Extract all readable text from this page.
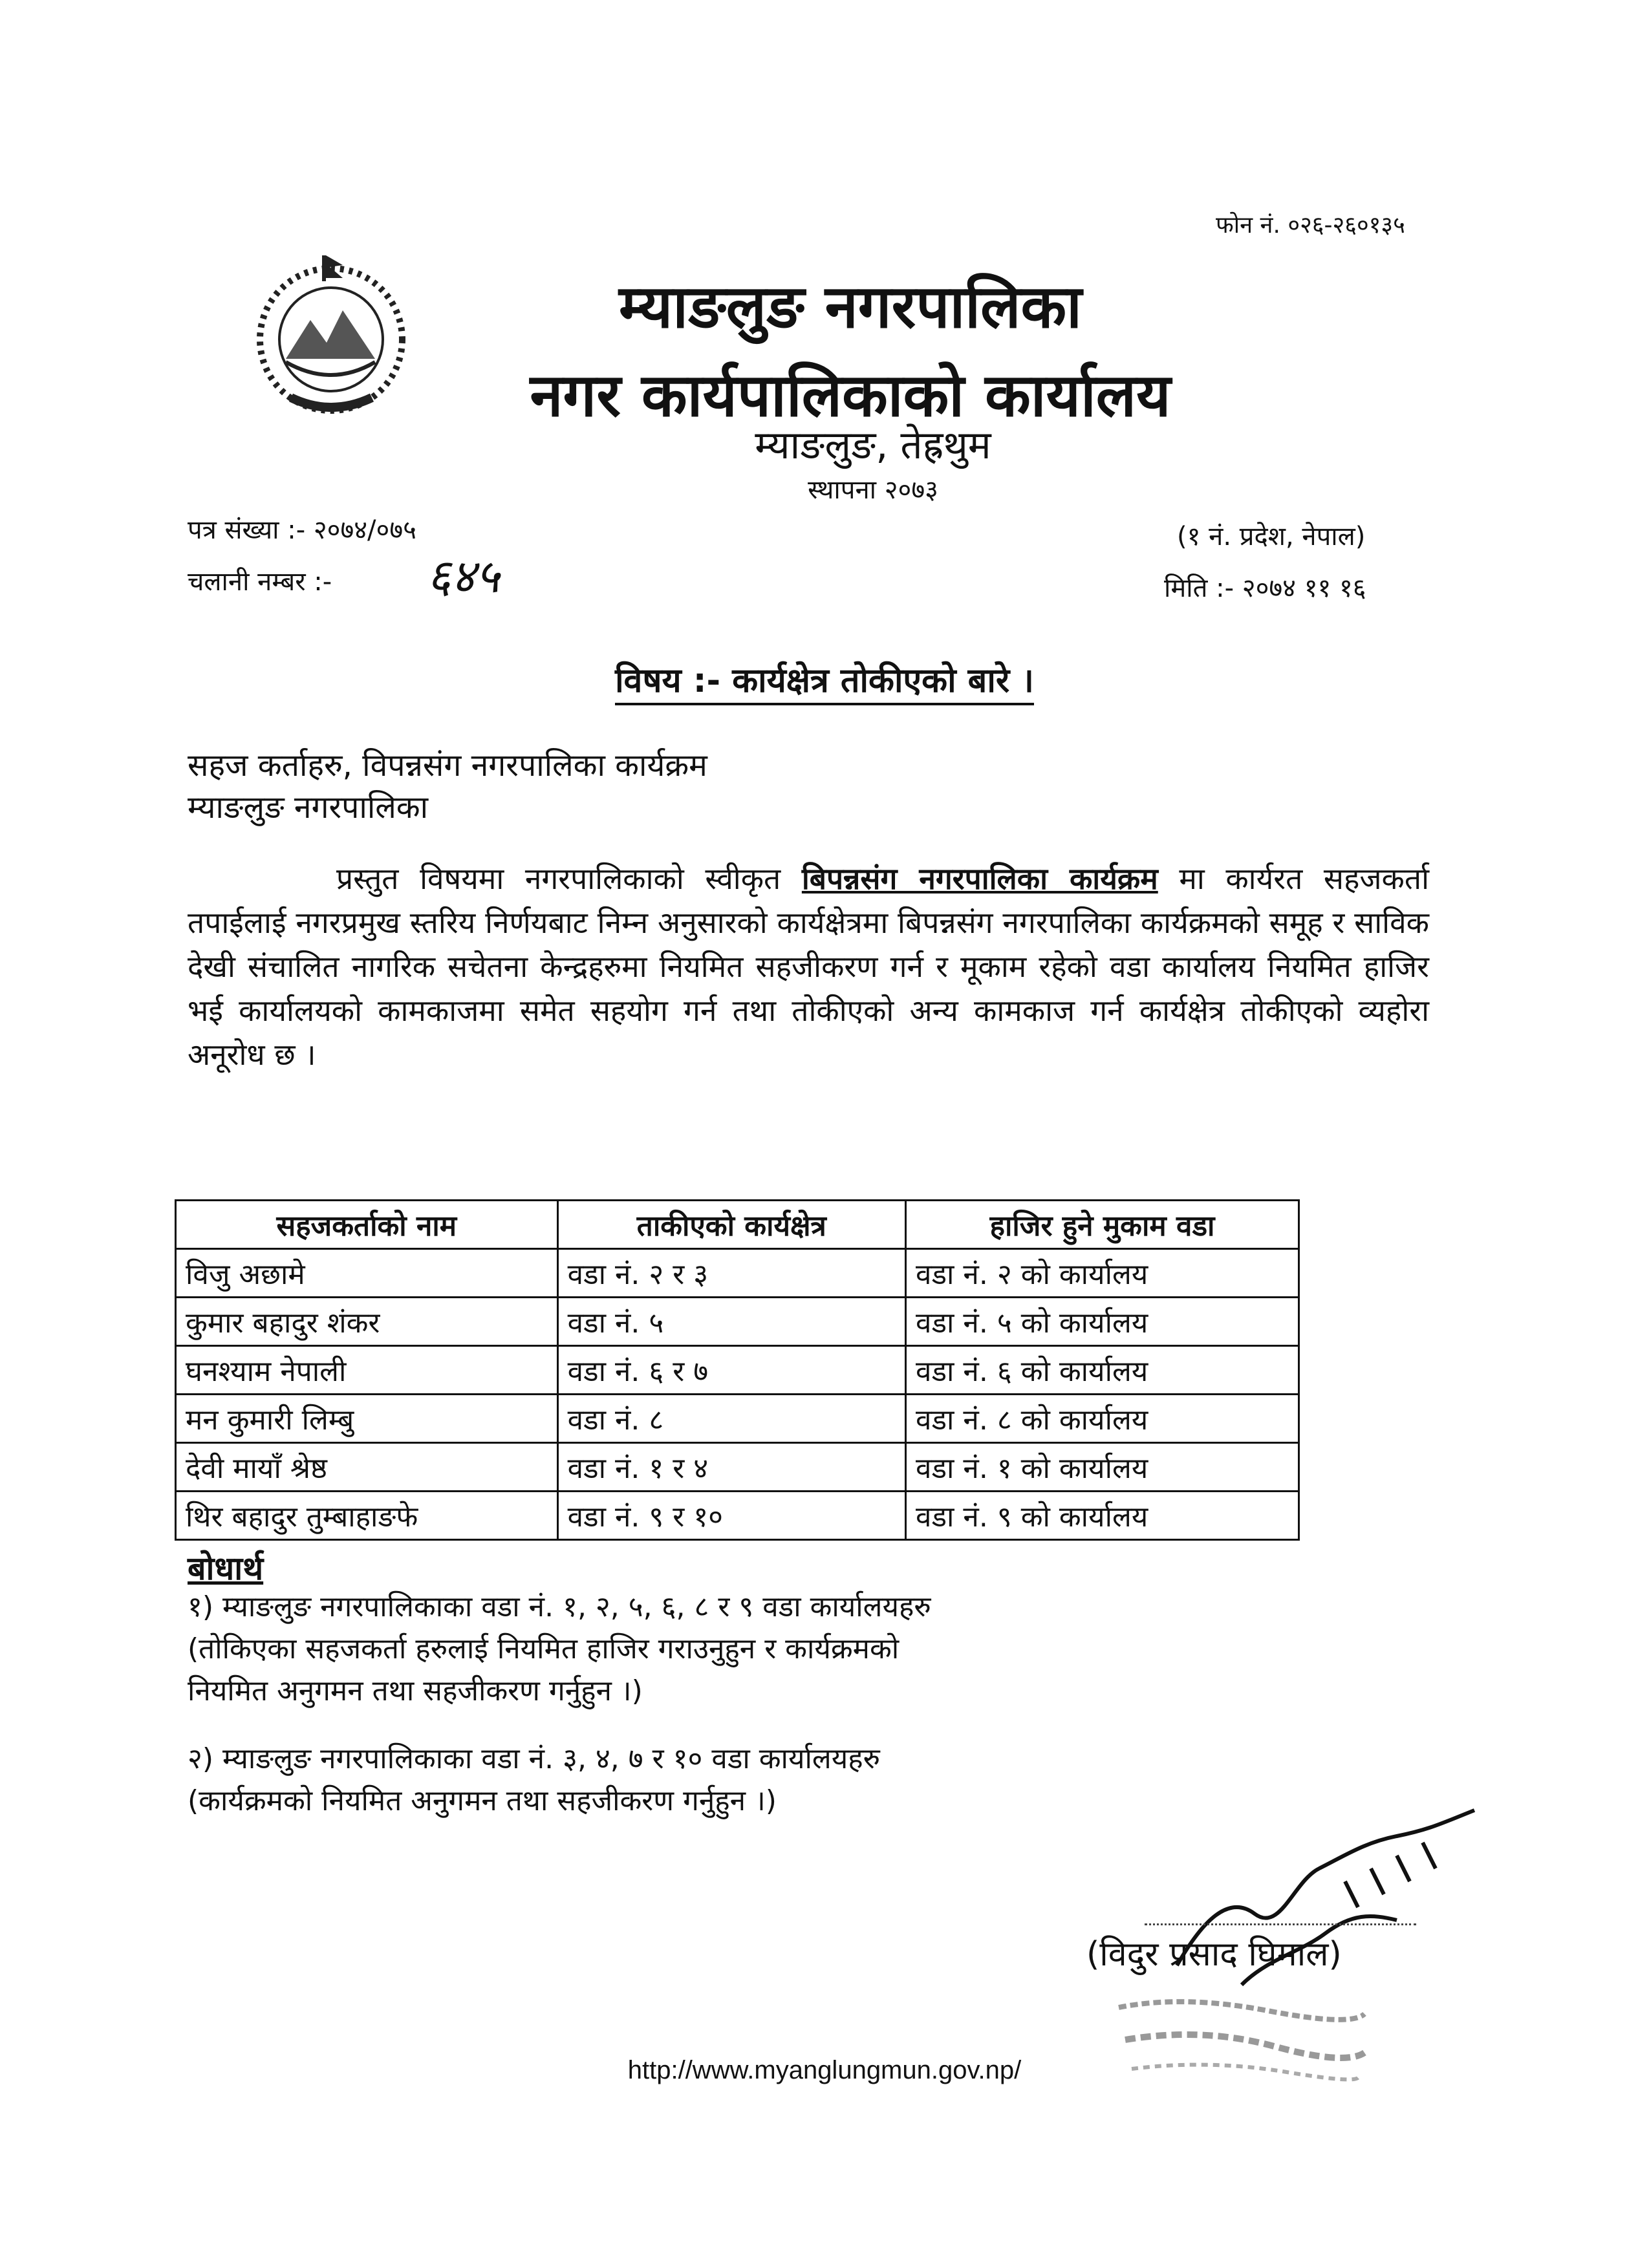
फोन नं. ०२६-२६०१३५
म्याङलुङ नगरपालिका
नगर कार्यपालिकाको कार्यालय
म्याङलुङ, तेह्रथुम
स्थापना २०७३
पत्र संख्या :- २०७४/०७५
चलानी नम्बर :- ६४५
(१ नं. प्रदेश, नेपाल)
मिति :- २०७४ ११ १६
विषय :- कार्यक्षेत्र तोकीएको बारे ।
सहज कर्ताहरु, विपन्नसंग नगरपालिका कार्यक्रम
म्याङलुङ नगरपालिका
प्रस्तुत विषयमा नगरपालिकाको स्वीकृत बिपन्नसंग नगरपालिका कार्यक्रम मा कार्यरत सहजकर्ता तपाईलाई नगरप्रमुख स्तरिय निर्णयबाट निम्न अनुसारको कार्यक्षेत्रमा बिपन्नसंग नगरपालिका कार्यक्रमको समूह र साविक देखी संचालित नागरिक सचेतना केन्द्रहरुमा नियमित सहजीकरण गर्न र मूकाम रहेको वडा कार्यालय नियमित हाजिर भई कार्यालयको कामकाजमा समेत सहयोग गर्न तथा तोकीएको अन्य कामकाज गर्न कार्यक्षेत्र तोकीएको व्यहोरा अनूरोध छ ।
सहजकर्ताको नाम	ताकीएको कार्यक्षेत्र	हाजिर हुने मुकाम वडा
विजु अछामे	वडा नं. २ र ३	वडा नं. २ को कार्यालय
कुमार बहादुर शंकर	वडा नं. ५	वडा नं. ५ को कार्यालय
घनश्याम नेपाली	वडा नं. ६ र ७	वडा नं. ६ को कार्यालय
मन कुमारी लिम्बु	वडा नं. ८	वडा नं. ८ को कार्यालय
देवी मायाँ श्रेष्ठ	वडा नं. १ र ४	वडा नं. १ को कार्यालय
थिर बहादुर तुम्बाहाङफे	वडा नं. ९ र १०	वडा नं. ९ को कार्यालय
बोधार्थ
१) म्याङलुङ नगरपालिकाका वडा नं. १, २, ५, ६, ८ र ९ वडा कार्यालयहरु
(तोकिएका सहजकर्ता हरुलाई नियमित हाजिर गराउनुहुन र कार्यक्रमको
नियमित अनुगमन तथा सहजीकरण गर्नुहुन ।)
२) म्याङलुङ नगरपालिकाका वडा नं. ३, ४, ७ र १० वडा कार्यालयहरु
(कार्यक्रमको नियमित अनुगमन तथा सहजीकरण गर्नुहुन ।)
(विदुर प्रसाद घिमाल)
http://www.myanglungmun.gov.np/
